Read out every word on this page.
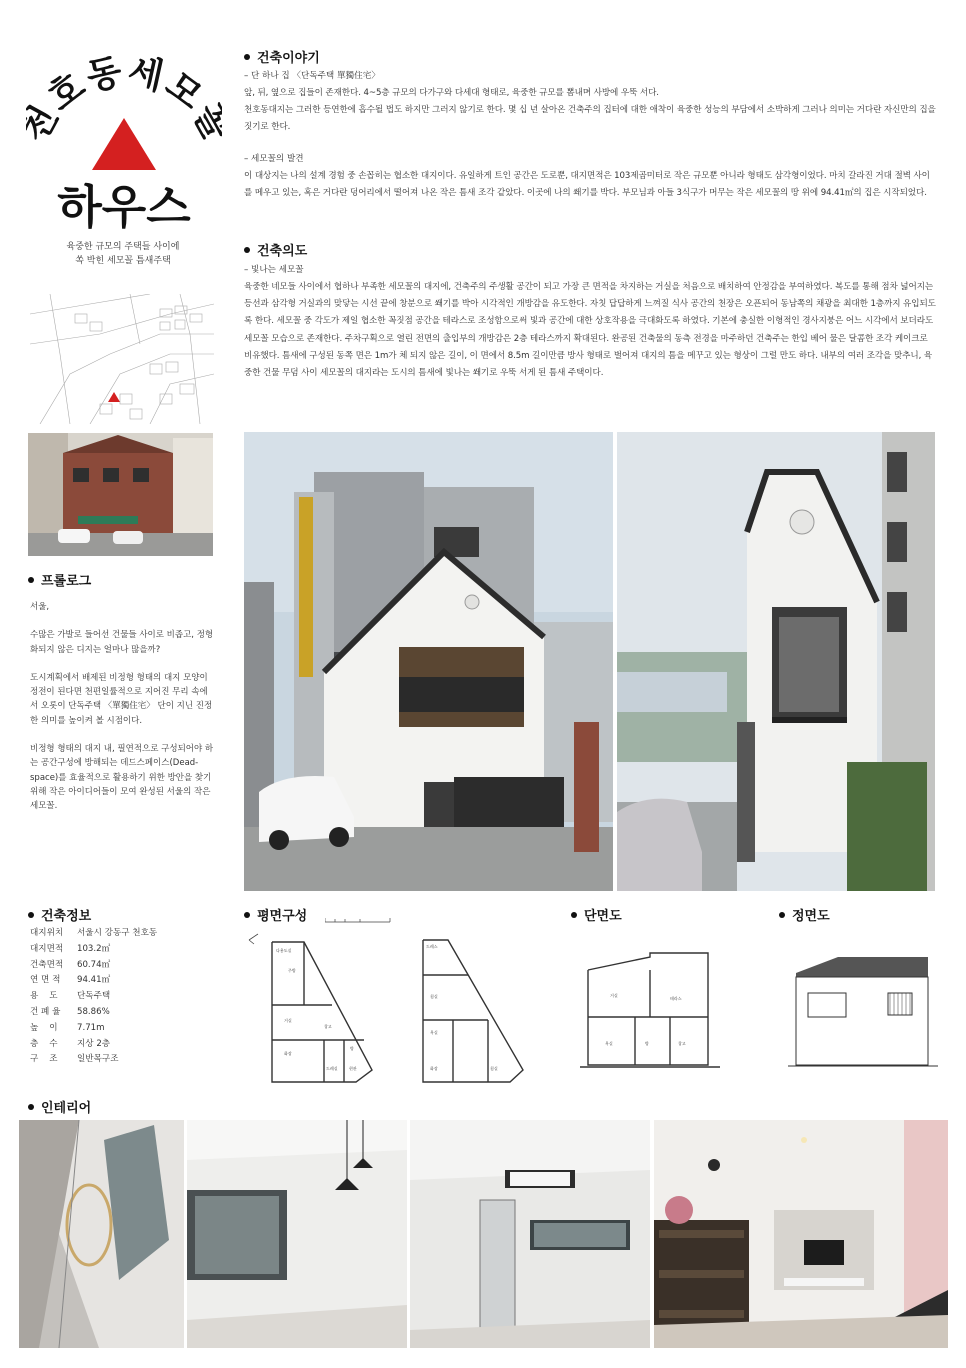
호동세모
하우스
육중한 규모의 주택들 사이에
쏙 박힌 세모꼴 틈새주택
프롤로그

서울,

수많은 가발로 들어선 건물들 사이로 비좁고, 정형화되지 않은 디지는 얼마나 많을까?

도시계획에서 배제된 비정형 형태의 대지 모양이 정전이 된다면 천편일률적으로 지어진 무리 속에서 오롯이 단독주택 〈單獨住宅〉 단이 지닌 진정한 의미를 높이켜 볼 시점이다.

비정형 형태의 대지 내, 필연적으로 구성되어야 하는 공간구성에 방해되는 데드스페이스(Dead-space)를 효율적으로 활용하기 위한 방안을 찾기 위해 작은 아이디어들이 모여 완성된 서울의 작은 세모꼴.

건축이야기
– 단 하나 집 〈단독주택 單獨住宅〉
앞, 뒤, 옆으로 집들이 존재한다. 4~5층 규모의 다가구와 다세대 형태로, 육중한 규모를 뽐내며 사방에 우뚝 서다.
천호동대지는 그러한 등연한에 흡수될 법도 하지만 그러지 않기로 한다. 몇 십 년 살아온 건축주의 집터에 대한 애착이 육중한 성능의 부담에서 소박하게 그러나 의미는 거다란 자신만의 집을 짓기로 한다.
– 세모꼴의 발견
이 대상지는 나의 설계 경험 중 손꼽히는 협소한 대지이다. 유일하게 트인 공간은 도로뿐, 대지면적은 103제곱미터로 작은 규모뿐 아니라 형태도 삼각형이었다. 마치 갈라진 거대 절벽 사이를 메우고 있는, 혹은 거다란 덩어리에서 떨어져 나온 작은 틈새 조각 같았다. 이곳에 나의 쐐기를 박다. 부모님과 아들 3식구가 머무는 작은 세모꼴의 땅 위에 94.41㎡의 집은 시작되었다.
건축의도
– 빛나는 세모꼴
육중한 네모들 사이에서 협하나 부족한 세모꼴의 대지에, 건축주의 주생활 공간이 되고 가장 큰 면적을 차지하는 거실을 처음으로 배치하여 안정감을 부여하였다. 복도를 통해 점차 넓어지는 등선과 삼각형 거실과의 맞닿는 시선 끝에 창분으로 쐐기를 박아 시각적인 개방감을 유도한다. 자칫 답답하게 느껴질 식사 공간의 천장은 오픈되어 동남쪽의 채광을 최대한 1층까지 유입되도록 한다. 세모꼴 중 각도가 제일 협소한 꼭짓점 공간을 테라스로 조성함으로써 빛과 공간에 대한 상호작용을 극대화도록 하였다. 기본에 충실한 이형적인 경사지붕은 어느 시각에서 보더라도 세모꼴 모습으로 존재한다. 주차구획으로 열린 전면의 출입부의 개방감은 2층 테라스까지 확대된다. 완공된 건축물의 동측 전경을 마주하던 건축주는 한입 베어 물은 달콤한 조각 케이크로 비유했다. 틈새에 구성된 동쪽 면은 1m가 체 되지 않은 길이, 이 면에서 8.5m 길이만큼 방사 형태로 벌어져 대지의 틈을 메꾸고 있는 형상이 그럴 만도 하다. 내부의 여러 조각을 맞추니, 육중한 건물 무덤 사이 세모꼴의 대지라는 도시의 틈새에 빛나는 쐐기로 우뚝 서게 된 틈새 주택이다.
건축정보
대지위치	서울시 강동구 천호동
대지면적	103.2㎡
건축면적	60.74㎡
연 면 적	94.41㎡
용    도	단독주택
건 폐 율	58.86%
높    이	7.71m
층    수	지상 2층
구    조	일반목구조
평면구성
다용도실
주방
거실
화장
창고
현관
드레실
방
드레스
침실
욕실
침실
화장
단면도
거실
테라스
욕실	방	창고
정면도
인테리어
